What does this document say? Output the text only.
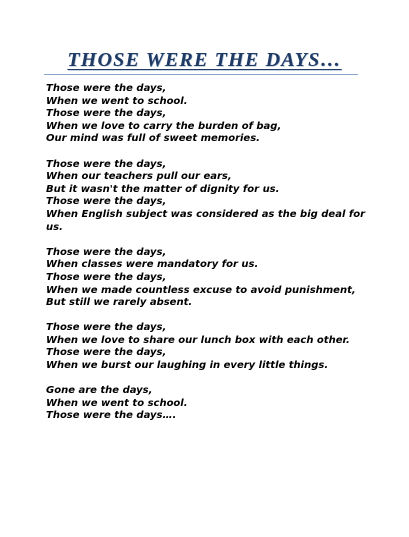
THOSE WERE THE DAYS…
Those were the days,
When we went to school.
Those were the days,
When we love to carry the burden of bag,
Our mind was full of sweet memories.
Those were the days,
When our teachers pull our ears,
But it wasn't the matter of dignity for us.
Those were the days,
When English subject was considered as the big deal for us.
Those were the days,
When classes were mandatory for us.
Those were the days,
When we made countless excuse to avoid punishment,
But still we rarely absent.
Those were the days,
When we love to share our lunch box with each other.
Those were the days,
When we burst our laughing in every little things.
Gone are the days,
When we went to school.
Those were the days….
